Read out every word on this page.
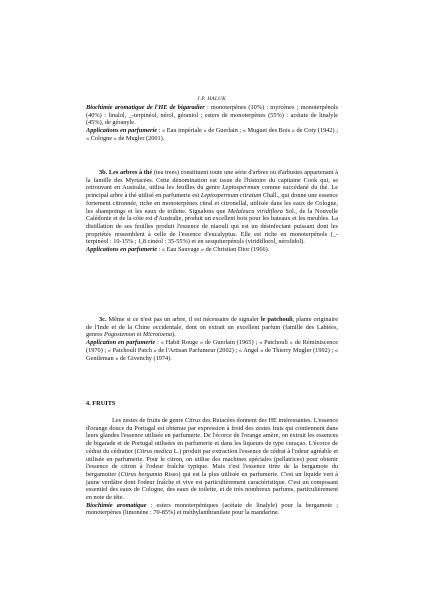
J.P. HALUK

Biochimie aromatique de l'HE de bigaradier : monoterpènes (10%) : myrcènes ; monoterpénols (40%) : linalol, _-terpinéol, nérol, géraniol ; esters de monoterpènes (55%) : acétate de linalyle (45%), de géranyle.

Applications en parfumerie : « Eau impériale » de Guerlain ; « Muguet des Bois » de Coty (1942) ; « Cologne » de Mugler (2001).

3b. Les arbres à thé (tea trees) constituent toute une série d'arbres ou d'arbustes appartenant à la famille des Myrtacées. Cette dénomination est issue de l'histoire du capitaine Cook qui, se retrouvant en Australie, utilisa les feuilles du genre Leptospermum comme succédané du thé. Le principal arbre à thé utilisé en parfumerie est Leptospermum citratum Chall., qui donne une essence fortement citronnée, riche en monoterpènes citral et citronellal, utilisée dans les eaux de Cologne, les shampoings et les eaux de toilette. Signalons que Melaleuca viridiflora Sol., de la Nouvelle Calédonie et de la côte est d'Australie, produit un excellent bois pour les bateaux et les meubles. La distillation de ses feuilles produit l'essence de niaouli qui est un désinfectant puissant dont les propriétés ressemblent à celle de l'essence d'eucalyptus. Elle est riche en monoterpénols (_-terpinéol : 10-15% ; 1,8 cinéol : 35-55%) et en sesquiterpénols (viridiflorol, nérolidol).

Applications en parfumerie : « Eau Sauvage » de Christian Dior (1966).

3c. Même si ce n'est pas un arbre, il est nécessaire de signaler le patchouli, plante originaire de l'Inde et de la Chine occidentale, dont on extrait un excellent parfum (famille des Labiées, genres Pogostemon et Microtoena).

Application en parfumerie : « Habit Rouge » de Guerlain (1965) ; « Patchouli » de Réminiscence (1970) ; « Patchouli Patch » de l'Artisan Parfumeur (2002) ; « Angel » de Thierry Mugler (1992) ; « Gentleman » de Givenchy (1974).

4. FRUITS

Les zestes de fruits de genre Citrus des Rutacées donnent des HE intéressantes. L'essence d'orange douce du Portugal est obtenue par expression à froid des zestes frais qui contiennent dans leurs glandes l'essence utilisée en parfumerie. De l'écorce de l'orange amère, on extrait les essences de bigarade et de Portugal utilisées en parfumerie et dans les liqueurs de type curaçao. L'écorce de cédrat du cédratier (Citrus medica L.) produit par extraction l'essence de cédrat à l'odeur agréable et utilisée en parfumerie. Pour le citron, on utilise des machines spéciales (pellatrices) pour obtenir l'essence de citron à l'odeur fraîche typique. Mais c'est l'essence tirée de la bergamote du bergamotier (Citrus bergamia Risso) qui est la plus utilisée en parfumerie. C'est un liquide vert à jaune verdâtre dont l'odeur fraîche et vive est particulièrement caractéristique. C'est un composant essentiel des eaux de Cologne, des eaux de toilette, et de très nombreux parfums, particulièrement en note de tête.

Biochimie aromatique : esters monoterpéniques (acétate de linalyle) pour la bergamote ; monoterpènes (limonène : 70-85%) et méthylanthranilate pour la mandarine.
